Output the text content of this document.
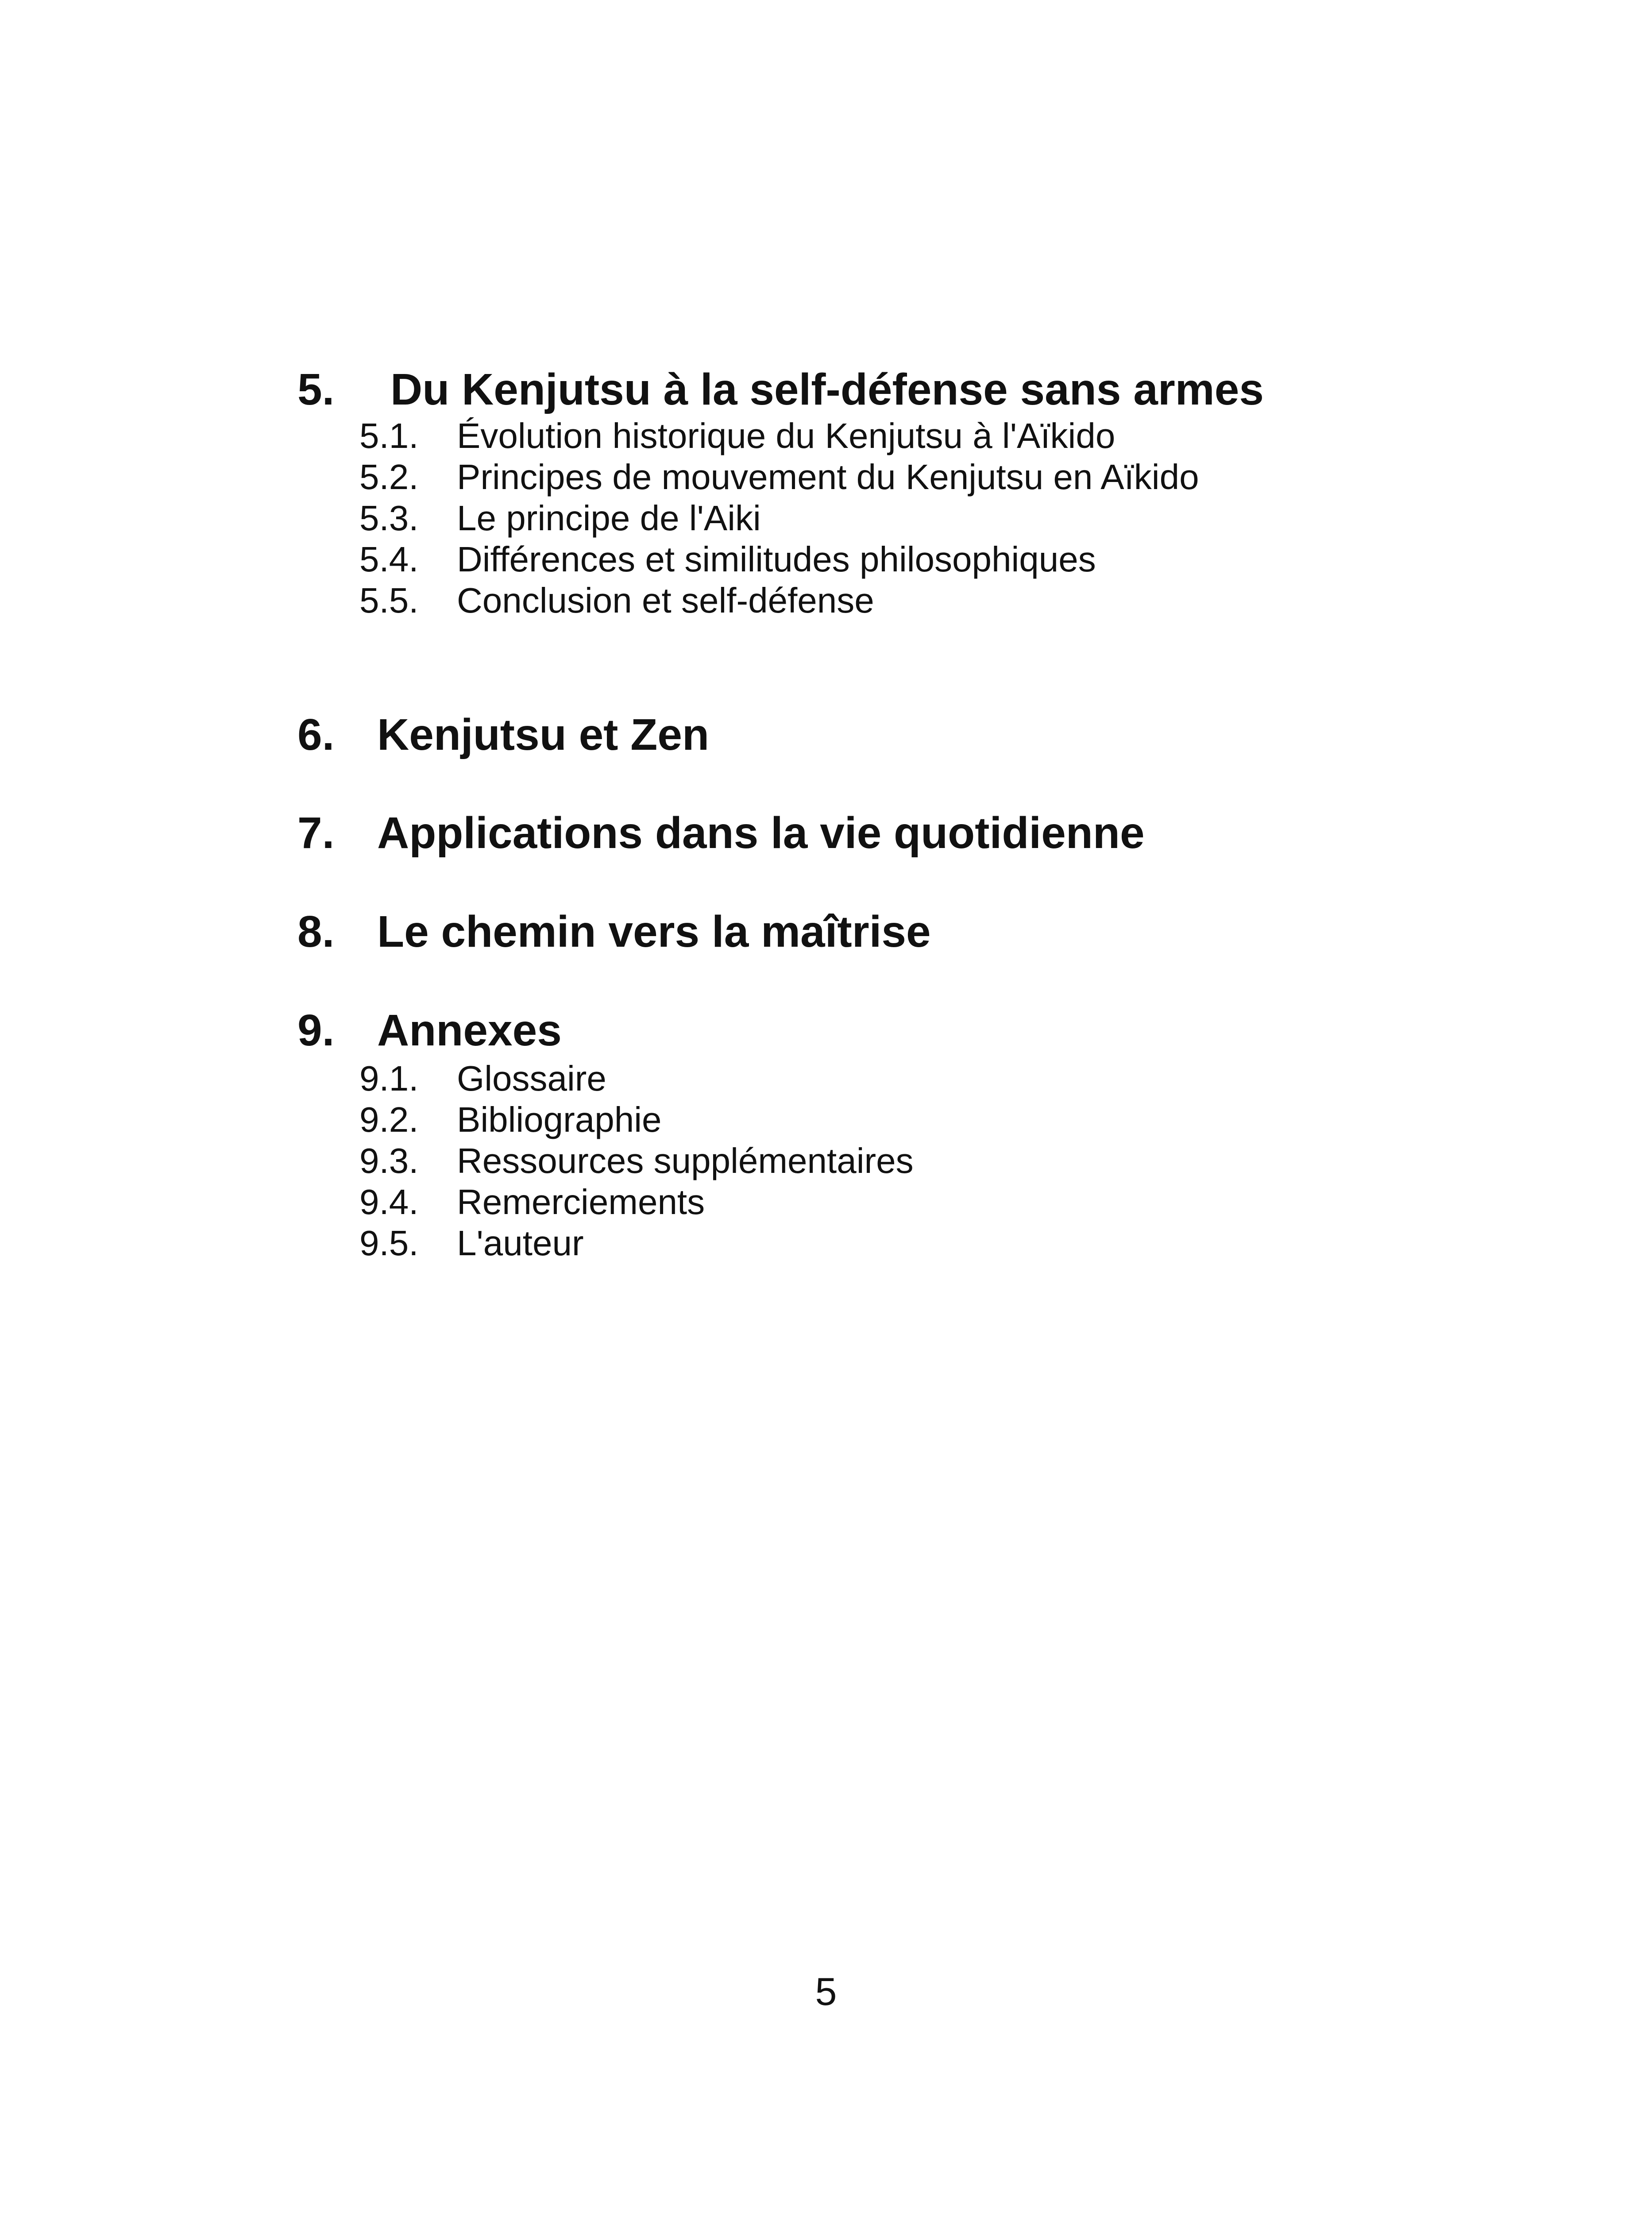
5. Du Kenjutsu à la self-défense sans armes
5.1. Évolution historique du Kenjutsu à l'Aïkido
5.2. Principes de mouvement du Kenjutsu en Aïkido
5.3. Le principe de l'Aiki
5.4. Différences et similitudes philosophiques
5.5. Conclusion et self-défense
6. Kenjutsu et Zen
7. Applications dans la vie quotidienne
8. Le chemin vers la maîtrise
9. Annexes
9.1. Glossaire
9.2. Bibliographie
9.3. Ressources supplémentaires
9.4. Remerciements
9.5. L'auteur
5
